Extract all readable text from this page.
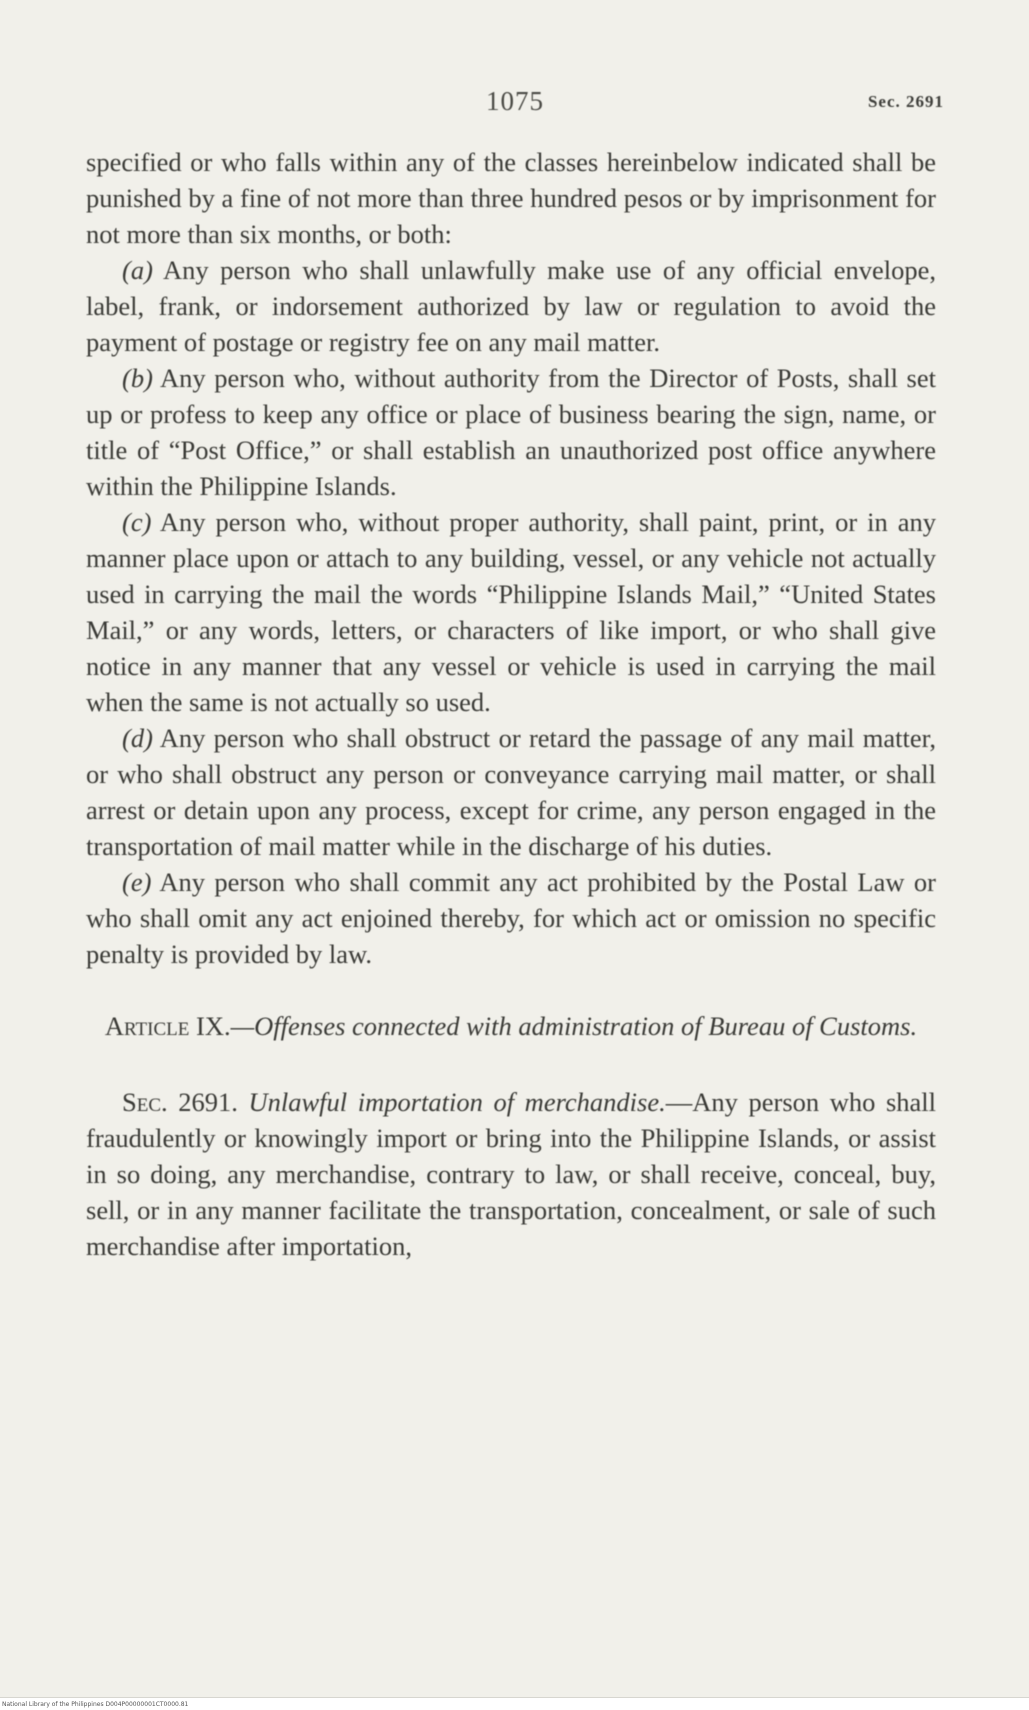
1075	Sec. 2691

specified or who falls within any of the classes hereinbelow indicated shall be punished by a fine of not more than three hundred pesos or by imprisonment for not more than six months, or both:

(a) Any person who shall unlawfully make use of any official envelope, label, frank, or indorsement authorized by law or regulation to avoid the payment of postage or registry fee on any mail matter.

(b) Any person who, without authority from the Director of Posts, shall set up or profess to keep any office or place of business bearing the sign, name, or title of “Post Office,” or shall establish an unauthorized post office anywhere within the Philippine Islands.

(c) Any person who, without proper authority, shall paint, print, or in any manner place upon or attach to any building, vessel, or any vehicle not actually used in carrying the mail the words “Philippine Islands Mail,” “United States Mail,” or any words, letters, or characters of like import, or who shall give notice in any manner that any vessel or vehicle is used in carrying the mail when the same is not actually so used.

(d) Any person who shall obstruct or retard the passage of any mail matter, or who shall obstruct any person or conveyance carrying mail matter, or shall arrest or detain upon any process, except for crime, any person engaged in the transportation of mail matter while in the discharge of his duties.

(e) Any person who shall commit any act prohibited by the Postal Law or who shall omit any act enjoined thereby, for which act or omission no specific penalty is provided by law.

Article IX.—Offenses connected with administration of Bureau of Customs.

Sec. 2691. Unlawful importation of merchandise.—Any person who shall fraudulently or knowingly import or bring into the Philippine Islands, or assist in so doing, any merchandise, contrary to law, or shall receive, conceal, buy, sell, or in any manner facilitate the transportation, concealment, or sale of such merchandise after importation,

National Library of the Philippines D004P00000001CT0000.81
